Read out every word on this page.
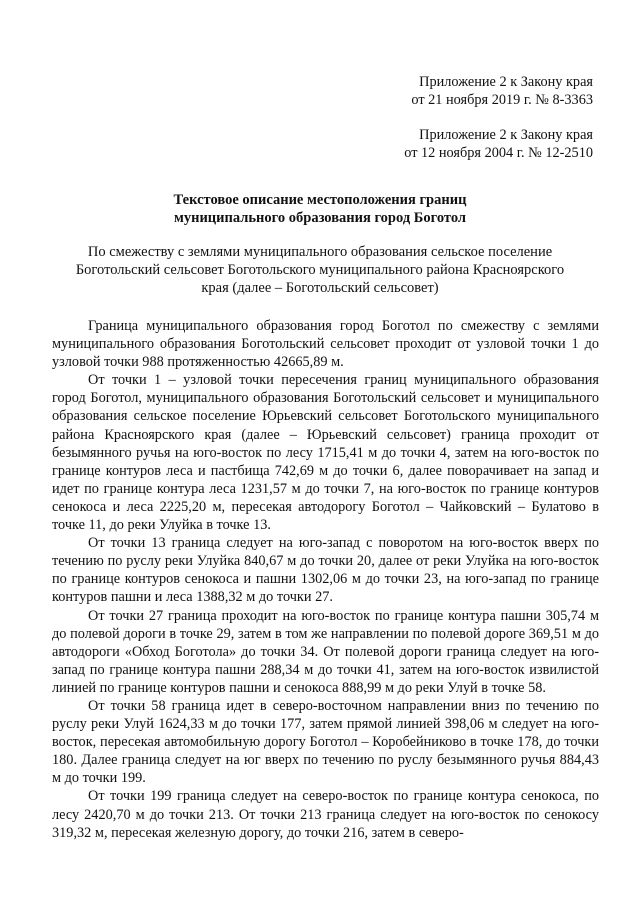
Приложение 2 к Закону края
от 21 ноября 2019 г. № 8-3363
Приложение 2 к Закону края
от 12 ноября 2004 г. № 12-2510
Текстовое описание местоположения границ
муниципального образования город Боготол
По смежеству с землями муниципального образования сельское поселение
Боготольский сельсовет Боготольского муниципального района Красноярского
края (далее – Боготольский сельсовет)

Граница муниципального образования город Боготол по смежеству с землями муниципального образования Боготольский сельсовет проходит от узловой точки 1 до узловой точки 988 протяженностью 42665,89 м.

От точки 1 – узловой точки пересечения границ муниципального образования город Боготол, муниципального образования Боготольский сельсовет и муниципального образования сельское поселение Юрьевский сельсовет Боготольского муниципального района Красноярского края (далее – Юрьевский сельсовет) граница проходит от безымянного ручья на юго-восток по лесу 1715,41 м до точки 4, затем на юго-восток по границе контуров леса и пастбища 742,69 м до точки 6, далее поворачивает на запад и идет по границе контура леса 1231,57 м до точки 7, на юго-восток по границе контуров сенокоса и леса 2225,20 м, пересекая автодорогу Боготол – Чайковский – Булатово в точке 11, до реки Улуйка в точке 13.

От точки 13 граница следует на юго-запад с поворотом на юго-восток вверх по течению по руслу реки Улуйка 840,67 м до точки 20, далее от реки Улуйка на юго-восток по границе контуров сенокоса и пашни 1302,06 м до точки 23, на юго-запад по границе контуров пашни и леса 1388,32 м до точки 27.

От точки 27 граница проходит на юго-восток по границе контура пашни 305,74 м до полевой дороги в точке 29, затем в том же направлении по полевой дороге 369,51 м до автодороги «Обход Боготола» до точки 34. От полевой дороги граница следует на юго-запад по границе контура пашни 288,34 м до точки 41, затем на юго-восток извилистой линией по границе контуров пашни и сенокоса 888,99 м до реки Улуй в точке 58.

От точки 58 граница идет в северо-восточном направлении вниз по течению по руслу реки Улуй 1624,33 м до точки 177, затем прямой линией 398,06 м следует на юго-восток, пересекая автомобильную дорогу Боготол – Коробейниково в точке 178, до точки 180. Далее граница следует на юг вверх по течению по руслу безымянного ручья 884,43 м до точки 199.

От точки 199 граница следует на северо-восток по границе контура сенокоса, по лесу 2420,70 м до точки 213. От точки 213 граница следует на юго-восток по сенокосу 319,32 м, пересекая железную дорогу, до точки 216, затем в северо-
